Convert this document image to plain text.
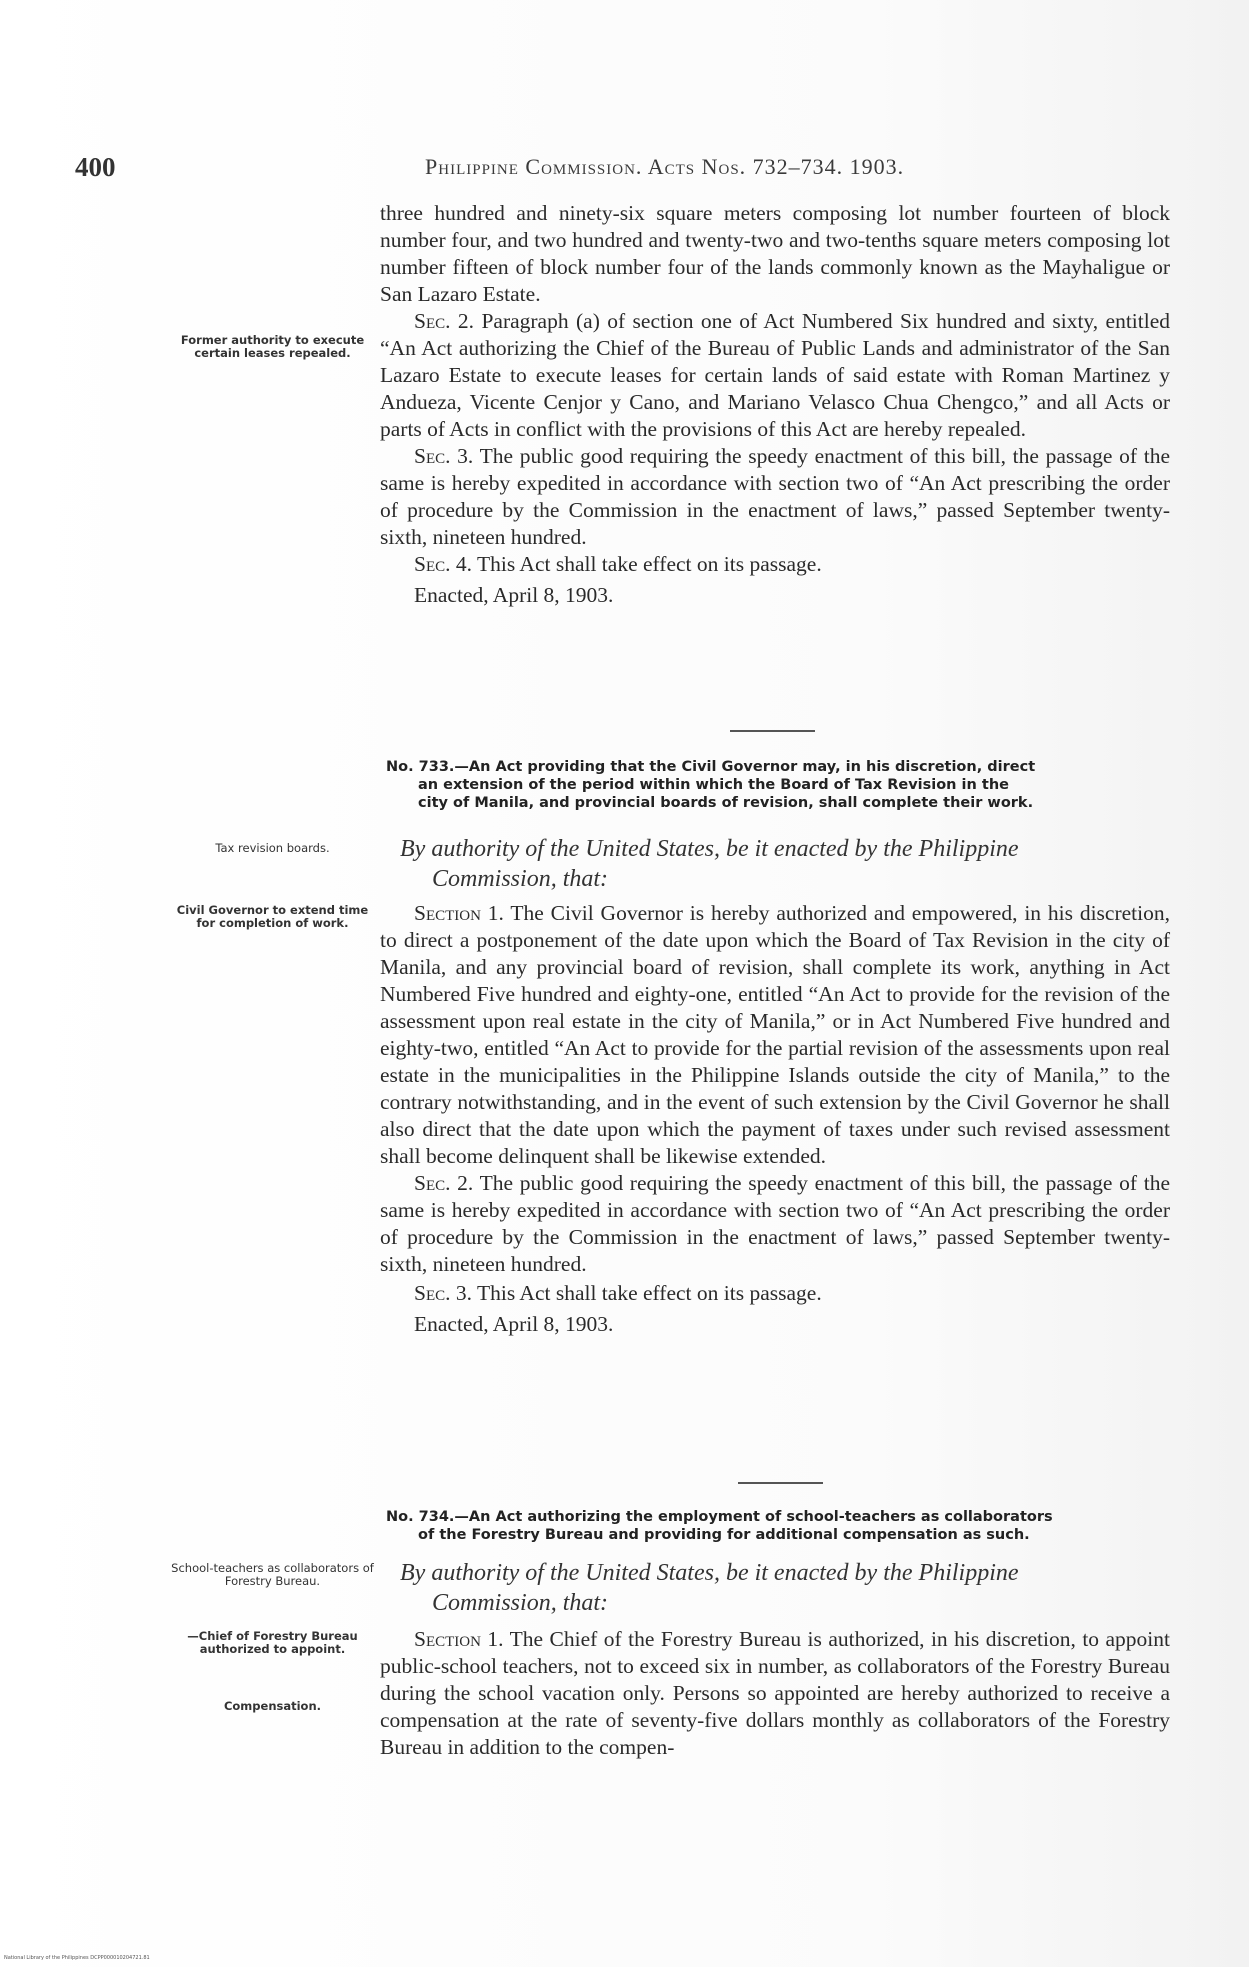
400	Philippine Commission. Acts Nos. 732–734. 1903.

three hundred and ninety-six square meters composing lot number fourteen of block number four, and two hundred and twenty-two and two-tenths square meters composing lot number fifteen of block number four of the lands commonly known as the Mayhaligue or San Lazaro Estate.

Sec. 2. Paragraph (a) of section one of Act Numbered Six hundred and sixty, entitled “An Act authorizing the Chief of the Bureau of Public Lands and administrator of the San Lazaro Estate to execute leases for certain lands of said estate with Roman Martinez y Andueza, Vicente Cenjor y Cano, and Mariano Velasco Chua Chengco,” and all Acts or parts of Acts in conflict with the provisions of this Act are hereby repealed.

Sec. 3. The public good requiring the speedy enactment of this bill, the passage of the same is hereby expedited in accordance with section two of “An Act prescribing the order of procedure by the Commission in the enactment of laws,” passed September twenty-sixth, nineteen hundred.

Sec. 4. This Act shall take effect on its passage.

Enacted, April 8, 1903.

Former authority to execute certain leases repealed.
No. 733.—An Act providing that the Civil Governor may, in his discretion, direct
an extension of the period within which the Board of Tax Revision in the
city of Manila, and provincial boards of revision, shall complete their work.
Tax revision boards.	By authority of the United States, be it enacted by the Philippine
Commission, that:
Civil Governor to extend time for completion of work.	Section 1. The Civil Governor is hereby authorized and empowered, in his discretion, to direct a postponement of the date upon which the Board of Tax Revision in the city of Manila, and any provincial board of revision, shall complete its work, anything in Act Numbered Five hundred and eighty-one, entitled “An Act to provide for the revision of the assessment upon real estate in the city of Manila,” or in Act Numbered Five hundred and eighty-two, entitled “An Act to provide for the partial revision of the assessments upon real estate in the municipalities in the Philippine Islands outside the city of Manila,” to the contrary notwithstanding, and in the event of such extension by the Civil Governor he shall also direct that the date upon which the payment of taxes under such revised assessment shall become delinquent shall be likewise extended.

Sec. 2. The public good requiring the speedy enactment of this bill, the passage of the same is hereby expedited in accordance with section two of “An Act prescribing the order of procedure by the Commission in the enactment of laws,” passed September twenty-sixth, nineteen hundred.

Sec. 3. This Act shall take effect on its passage.

Enacted, April 8, 1903.

No. 734.—An Act authorizing the employment of school-teachers as collaborators
of the Forestry Bureau and providing for additional compensation as such.
School-teachers as collaborators of Forestry Bureau.	By authority of the United States, be it enacted by the Philippine
Commission, that:
—Chief of Forestry Bureau authorized to appoint.
Compensation.

Section 1. The Chief of the Forestry Bureau is authorized, in his discretion, to appoint public-school teachers, not to exceed six in number, as collaborators of the Forestry Bureau during the school vacation only. Persons so appointed are hereby authorized to receive a compensation at the rate of seventy-five dollars monthly as collaborators of the Forestry Bureau in addition to the compen-

National Library of the Philippines DCPP000010204721.81
